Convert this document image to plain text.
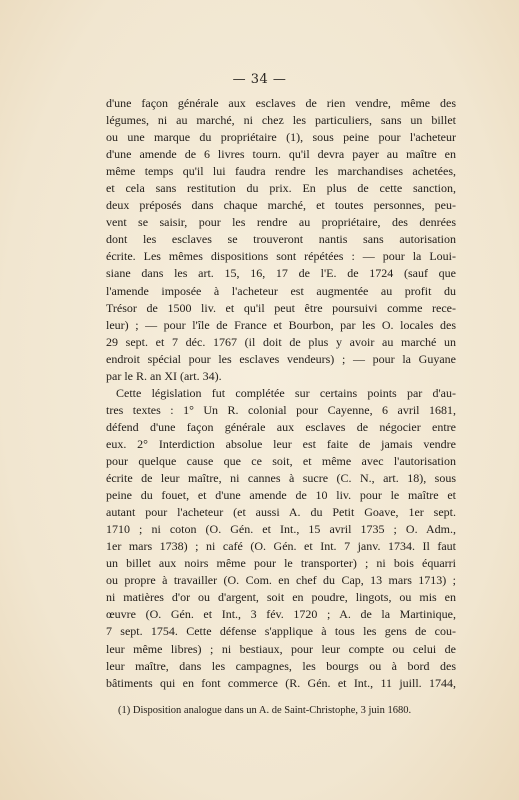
— 34 —
d'une façon générale aux esclaves de rien vendre, même des
légumes, ni au marché, ni chez les particuliers, sans un billet
ou une marque du propriétaire (1), sous peine pour l'acheteur
d'une amende de 6 livres tourn. qu'il devra payer au maître en
même temps qu'il lui faudra rendre les marchandises achetées,
et cela sans restitution du prix. En plus de cette sanction,
deux préposés dans chaque marché, et toutes personnes, peu-
vent se saisir, pour les rendre au propriétaire, des denrées
dont les esclaves se trouveront nantis sans autorisation
écrite. Les mêmes dispositions sont répétées : — pour la Loui-
siane dans les art. 15, 16, 17 de l'E. de 1724 (sauf que
l'amende imposée à l'acheteur est augmentée au profit du
Trésor de 1500 liv. et qu'il peut être poursuivi comme rece-
leur) ; — pour l'île de France et Bourbon, par les O. locales des
29 sept. et 7 déc. 1767 (il doit de plus y avoir au marché un
endroit spécial pour les esclaves vendeurs) ; — pour la Guyane
par le R. an XI (art. 34).
Cette législation fut complétée sur certains points par d'au-
tres textes : 1° Un R. colonial pour Cayenne, 6 avril 1681,
défend d'une façon générale aux esclaves de négocier entre
eux. 2° Interdiction absolue leur est faite de jamais vendre
pour quelque cause que ce soit, et même avec l'autorisation
écrite de leur maître, ni cannes à sucre (C. N., art. 18), sous
peine du fouet, et d'une amende de 10 liv. pour le maître et
autant pour l'acheteur (et aussi A. du Petit Goave, 1er sept.
1710 ; ni coton (O. Gén. et Int., 15 avril 1735 ; O. Adm.,
1er mars 1738) ; ni café (O. Gén. et Int. 7 janv. 1734. Il faut
un billet aux noirs même pour le transporter) ; ni bois équarri
ou propre à travailler (O. Com. en chef du Cap, 13 mars 1713) ;
ni matières d'or ou d'argent, soit en poudre, lingots, ou mis en
œuvre (O. Gén. et Int., 3 fév. 1720 ; A. de la Martinique,
7 sept. 1754. Cette défense s'applique à tous les gens de cou-
leur même libres) ; ni bestiaux, pour leur compte ou celui de
leur maître, dans les campagnes, les bourgs ou à bord des
bâtiments qui en font commerce (R. Gén. et Int., 11 juill. 1744,
(1) Disposition analogue dans un A. de Saint-Christophe, 3 juin 1680.
